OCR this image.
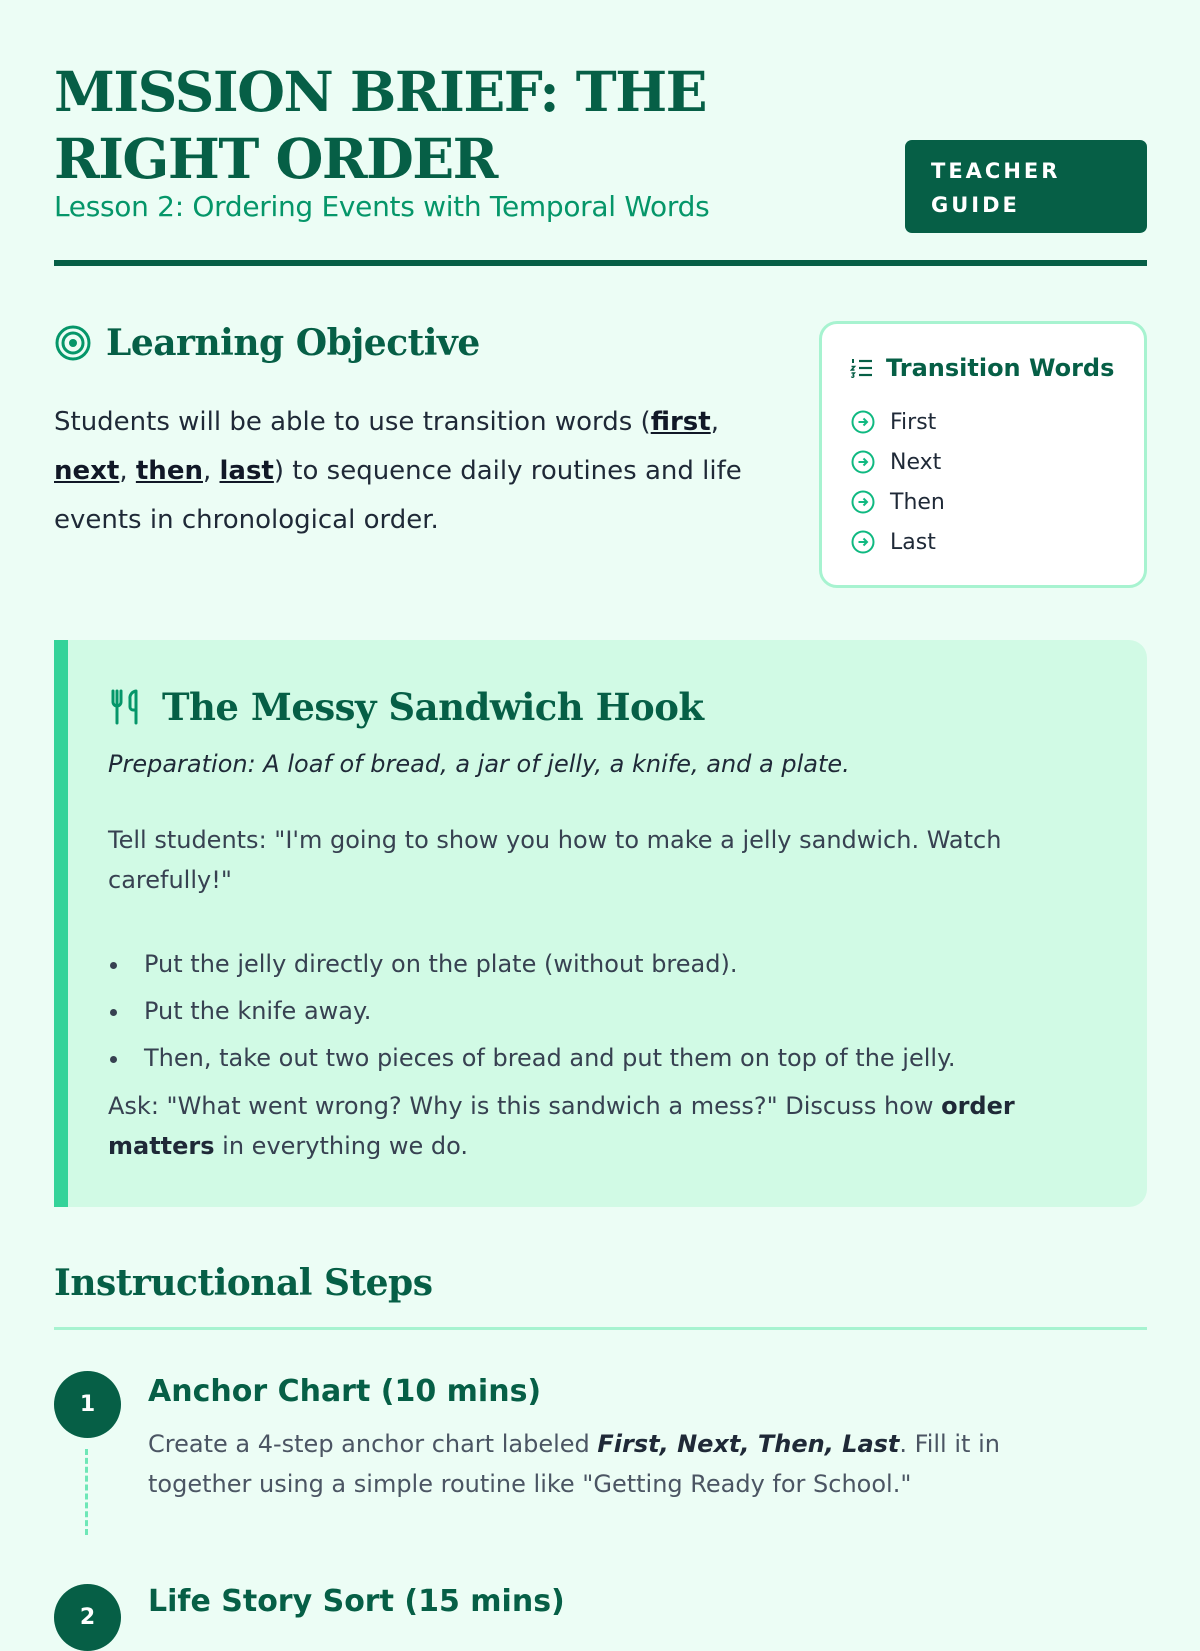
MISSION BRIEF: THE RIGHT ORDER
Lesson 2: Ordering Events with Temporal Words
TEACHER GUIDE
Learning Objective

Students will be able to use transition words (first, next, then, last) to sequence daily routines and life events in chronological order.

Transition Words
First
Next
Then
Last
The Messy Sandwich Hook

Preparation: A loaf of bread, a jar of jelly, a knife, and a plate.

Tell students: "I'm going to show you how to make a jelly sandwich. Watch carefully!"

Put the jelly directly on the plate (without bread).
Put the knife away.
Then, take out two pieces of bread and put them on top of the jelly.

Ask: "What went wrong? Why is this sandwich a mess?" Discuss how order matters in everything we do.

Instructional Steps
1	Anchor Chart (10 mins)

Create a 4-step anchor chart labeled First, Next, Then, Last. Fill it in together using a simple routine like "Getting Ready for School."

2	Life Story Sort (15 mins)
